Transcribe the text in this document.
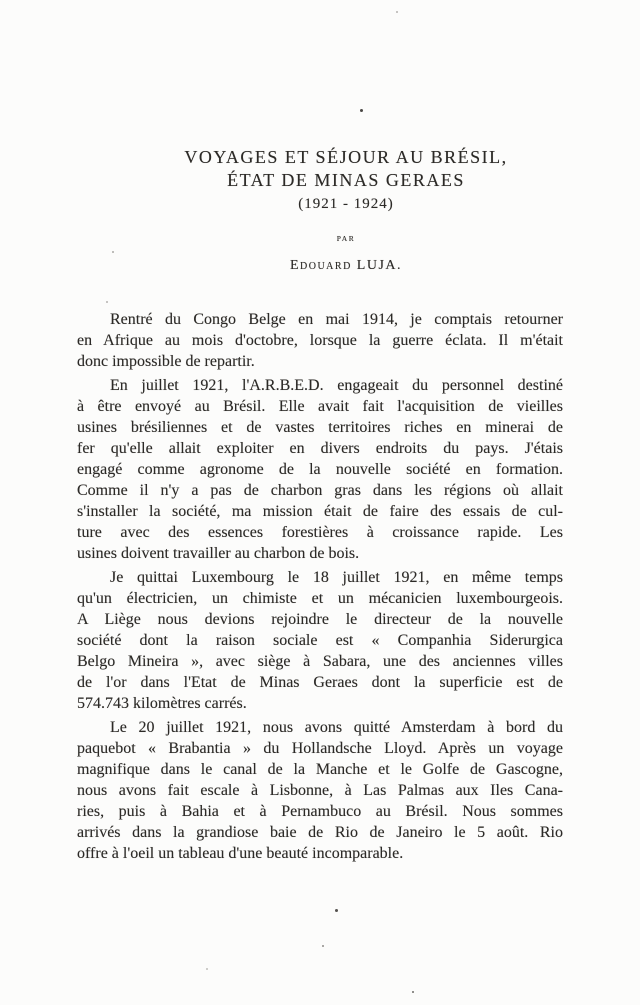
VOYAGES ET SÉJOUR AU BRÉSIL,
ÉTAT DE MINAS GERAES
(1921 - 1924)
PAR
Edouard LUJA.
Rentré du Congo Belge en mai 1914, je comptais retourner
en Afrique au mois d'octobre, lorsque la guerre éclata. Il m'était
donc impossible de repartir.
En juillet 1921, l'A.R.B.E.D. engageait du personnel destiné
à être envoyé au Brésil. Elle avait fait l'acquisition de vieilles
usines brésiliennes et de vastes territoires riches en minerai de
fer qu'elle allait exploiter en divers endroits du pays. J'étais
engagé comme agronome de la nouvelle société en formation.
Comme il n'y a pas de charbon gras dans les régions où allait
s'installer la société, ma mission était de faire des essais de cul-
ture avec des essences forestières à croissance rapide. Les
usines doivent travailler au charbon de bois.
Je quittai Luxembourg le 18 juillet 1921, en même temps
qu'un électricien, un chimiste et un mécanicien luxembourgeois.
A Liège nous devions rejoindre le directeur de la nouvelle
société dont la raison sociale est « Companhia Siderurgica
Belgo Mineira », avec siège à Sabara, une des anciennes villes
de l'or dans l'Etat de Minas Geraes dont la superficie est de
574.743 kilomètres carrés.
Le 20 juillet 1921, nous avons quitté Amsterdam à bord du
paquebot « Brabantia » du Hollandsche Lloyd. Après un voyage
magnifique dans le canal de la Manche et le Golfe de Gascogne,
nous avons fait escale à Lisbonne, à Las Palmas aux Iles Cana-
ries, puis à Bahia et à Pernambuco au Brésil. Nous sommes
arrivés dans la grandiose baie de Rio de Janeiro le 5 août. Rio
offre à l'oeil un tableau d'une beauté incomparable.
